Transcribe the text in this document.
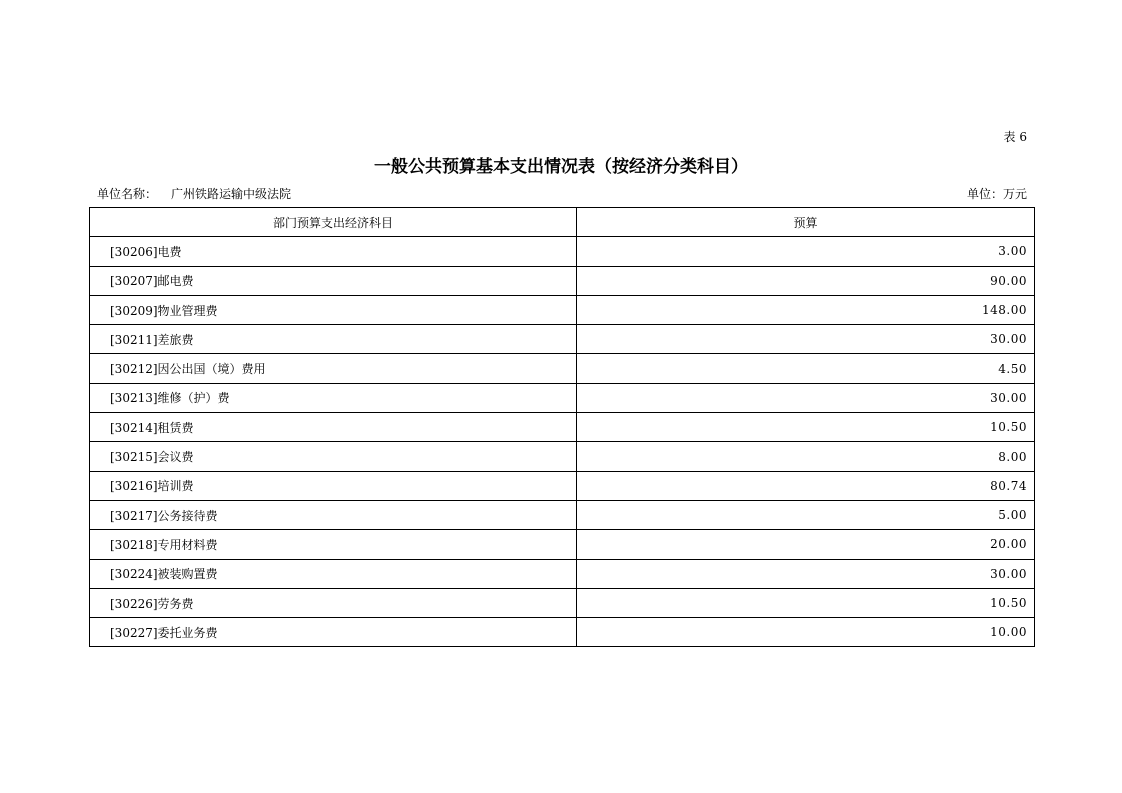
表 6
一般公共预算基本支出情况表（按经济分类科目）
单位名称： 广州铁路运输中级法院	单位：万元
部门预算支出经济科目	预算
[30206]电费	3.00
[30207]邮电费	90.00
[30209]物业管理费	148.00
[30211]差旅费	30.00
[30212]因公出国（境）费用	4.50
[30213]维修（护）费	30.00
[30214]租赁费	10.50
[30215]会议费	8.00
[30216]培训费	80.74
[30217]公务接待费	5.00
[30218]专用材料费	20.00
[30224]被装购置费	30.00
[30226]劳务费	10.50
[30227]委托业务费	10.00
